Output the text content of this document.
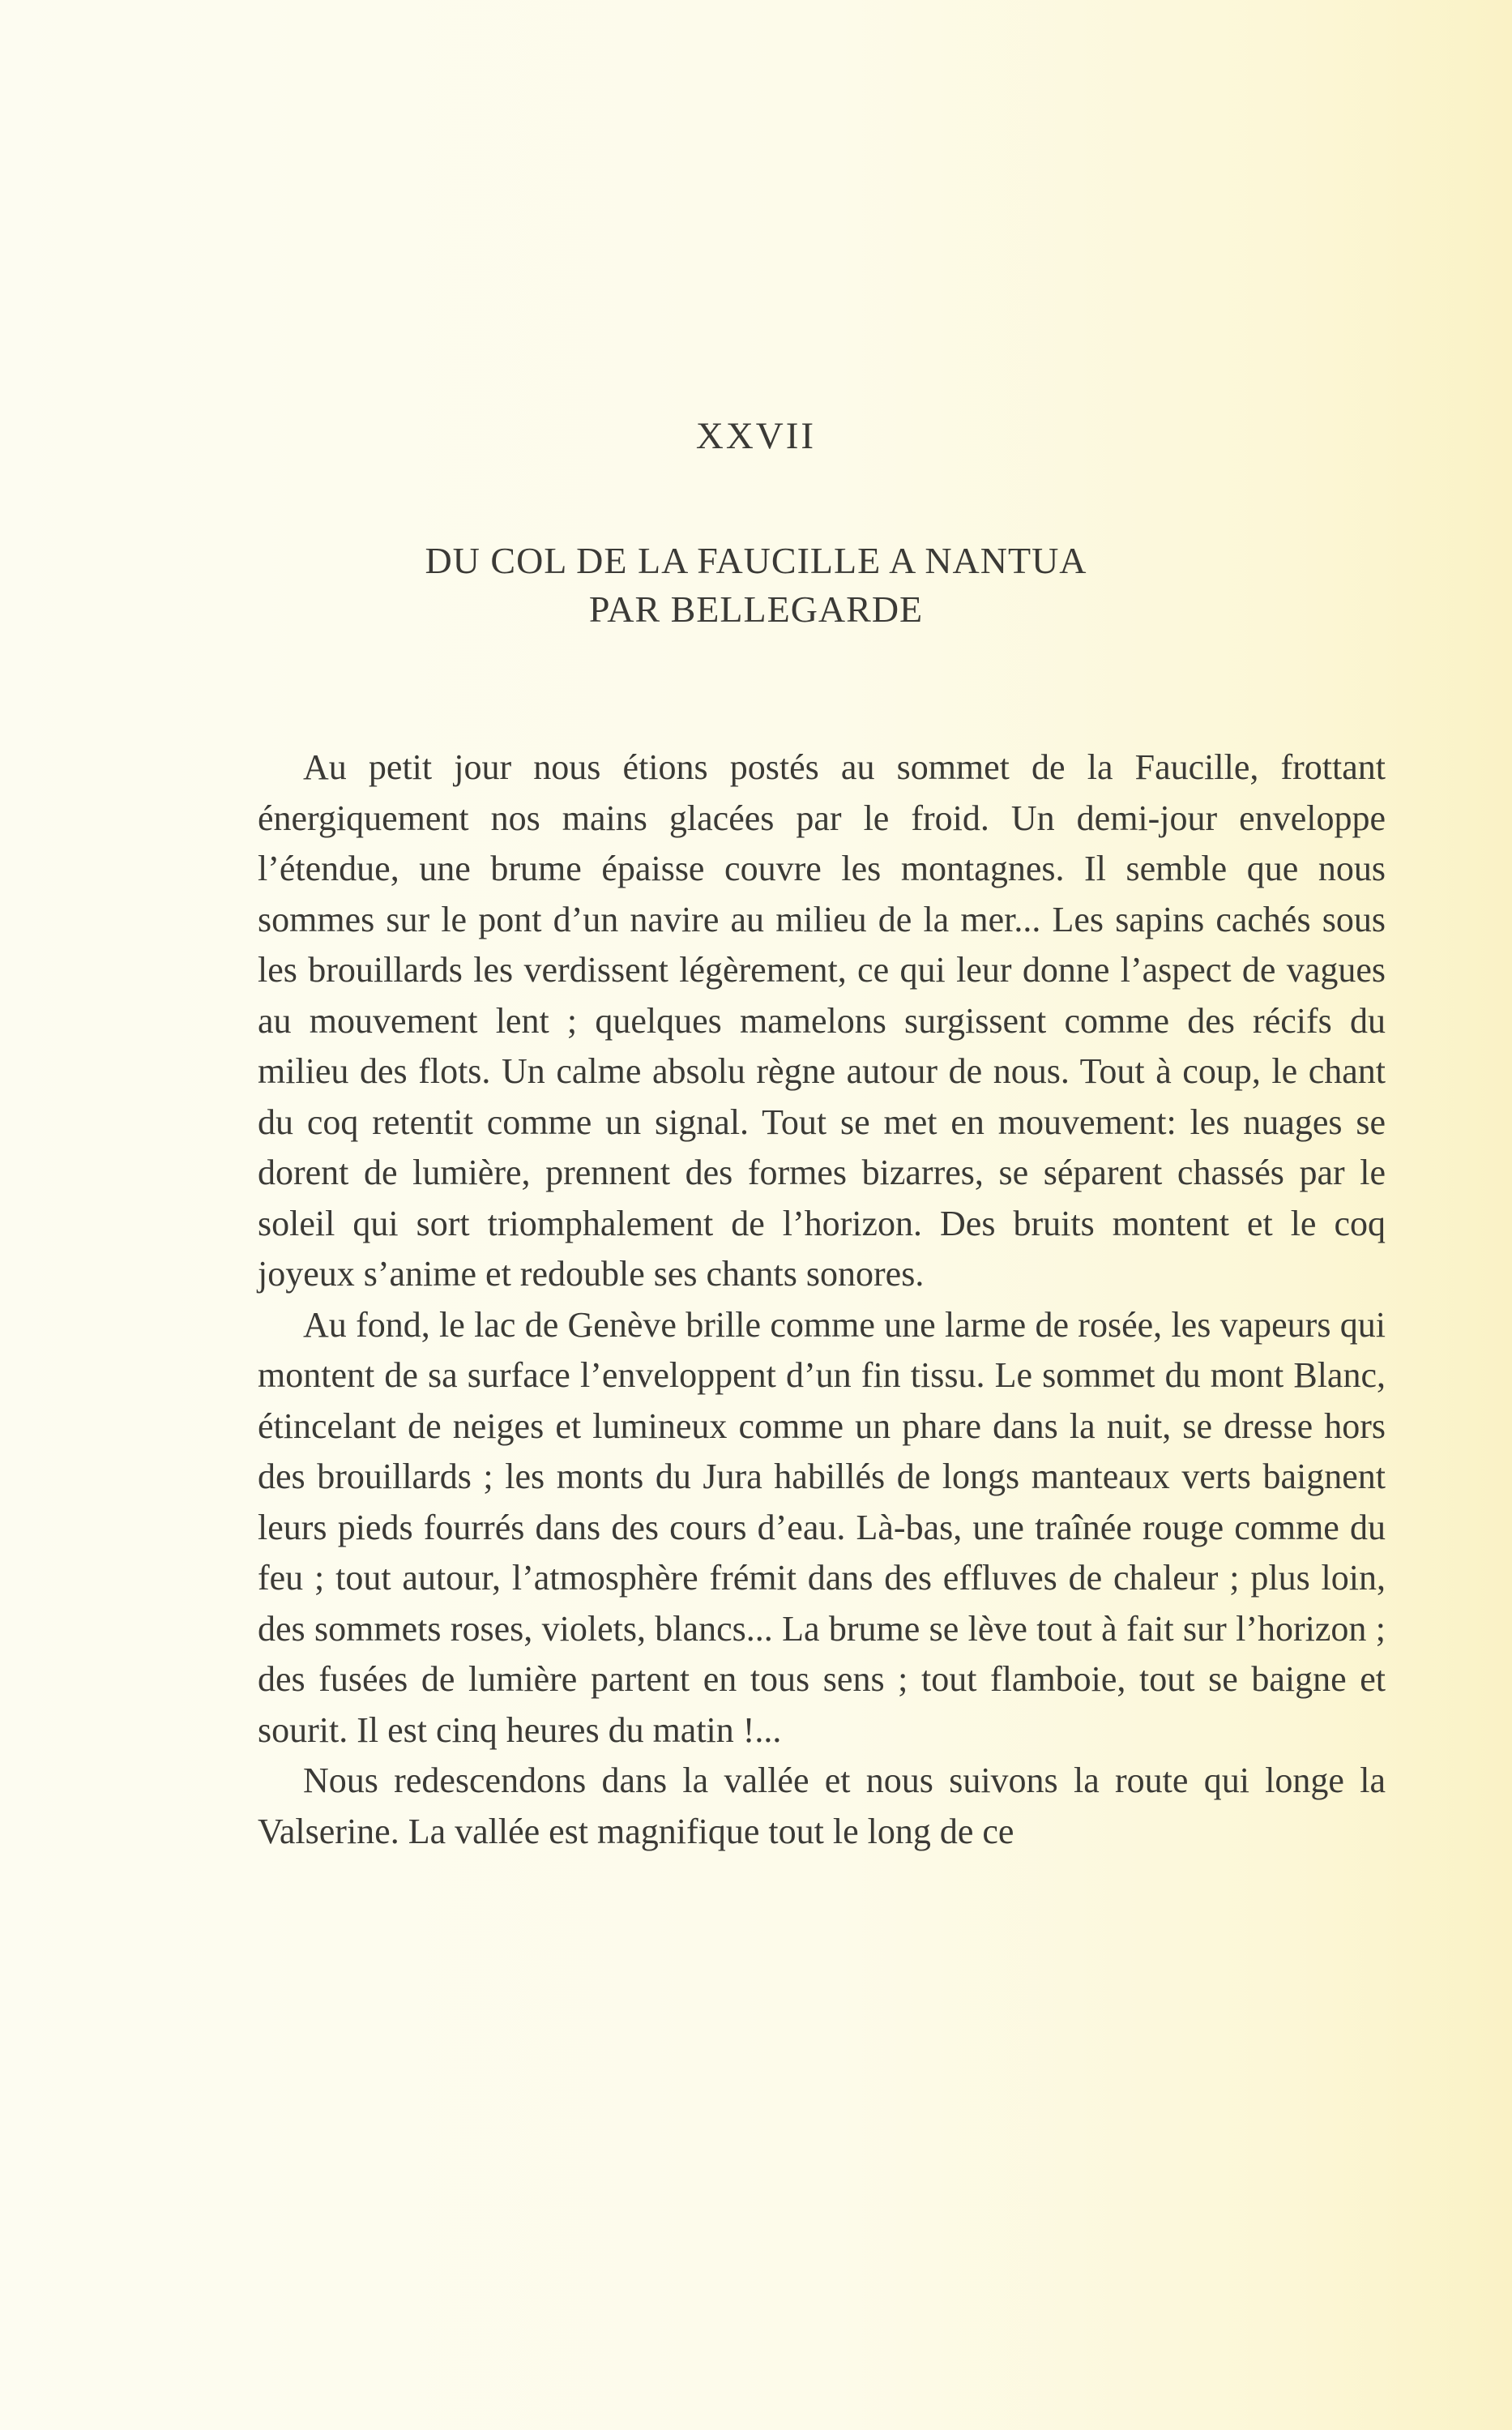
XXVII
DU COL DE LA FAUCILLE A NANTUA
PAR BELLEGARDE

Au petit jour nous étions postés au sommet de la Faucille, frottant énergiquement nos mains glacées par le froid. Un demi-jour enveloppe l’étendue, une brume épaisse couvre les montagnes. Il semble que nous sommes sur le pont d’un navire au milieu de la mer... Les sapins cachés sous les brouillards les verdissent légèrement, ce qui leur donne l’aspect de vagues au mouvement lent ; quelques mamelons surgissent comme des récifs du milieu des flots. Un calme absolu règne autour de nous. Tout à coup, le chant du coq retentit comme un signal. Tout se met en mouvement: les nuages se dorent de lumière, prennent des formes bizarres, se séparent chassés par le soleil qui sort triomphalement de l’horizon. Des bruits montent et le coq joyeux s’anime et redouble ses chants sonores.

Au fond, le lac de Genève brille comme une larme de rosée, les vapeurs qui montent de sa surface l’enveloppent d’un fin tissu. Le sommet du mont Blanc, étincelant de neiges et lumineux comme un phare dans la nuit, se dresse hors des brouillards ; les monts du Jura habillés de longs manteaux verts baignent leurs pieds fourrés dans des cours d’eau. Là-bas, une traînée rouge comme du feu ; tout autour, l’atmosphère frémit dans des effluves de chaleur ; plus loin, des sommets roses, violets, blancs... La brume se lève tout à fait sur l’horizon ; des fusées de lumière partent en tous sens ; tout flamboie, tout se baigne et sourit. Il est cinq heures du matin !...

Nous redescendons dans la vallée et nous suivons la route qui longe la Valserine. La vallée est magnifique tout le long de ce
